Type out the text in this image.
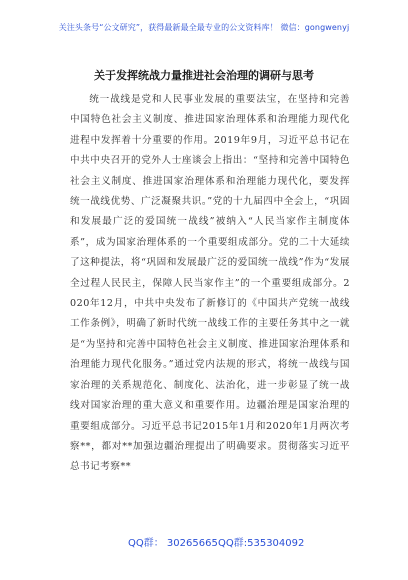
关注头条号“公文研究”，获得最新最全最专业的公文资料库！ 微信：gongwenyj
关于发挥统战力量推进社会治理的调研与思考

统一战线是党和人民事业发展的重要法宝，在坚持和完善中国特色社会主义制度、推进国家治理体系和治理能力现代化进程中发挥着十分重要的作用。2019年9月，习近平总书记在中共中央召开的党外人士座谈会上指出：“坚持和完善中国特色社会主义制度、推进国家治理体系和治理能力现代化，要发挥统一战线优势、广泛凝聚共识。”党的十九届四中全会上，“巩固和发展最广泛的爱国统一战线”被纳入“人民当家作主制度体系”，成为国家治理体系的一个重要组成部分。党的二十大延续了这种提法，将“巩固和发展最广泛的爱国统一战线”作为“发展全过程人民民主，保障人民当家作主”的一个重要组成部分。2020年12月，中共中央发布了新修订的《中国共产党统一战线工作条例》，明确了新时代统一战线工作的主要任务其中之一就是“为坚持和完善中国特色社会主义制度、推进国家治理体系和治理能力现代化服务。”通过党内法规的形式，将统一战线与国家治理的关系规范化、制度化、法治化，进一步彰显了统一战线对国家治理的重大意义和重要作用。边疆治理是国家治理的重要组成部分。习近平总书记2015年1月和2020年1月两次考察**，都对**加强边疆治理提出了明确要求。贯彻落实习近平总书记考察**

QQ群： 30265665 QQ群:535304092
